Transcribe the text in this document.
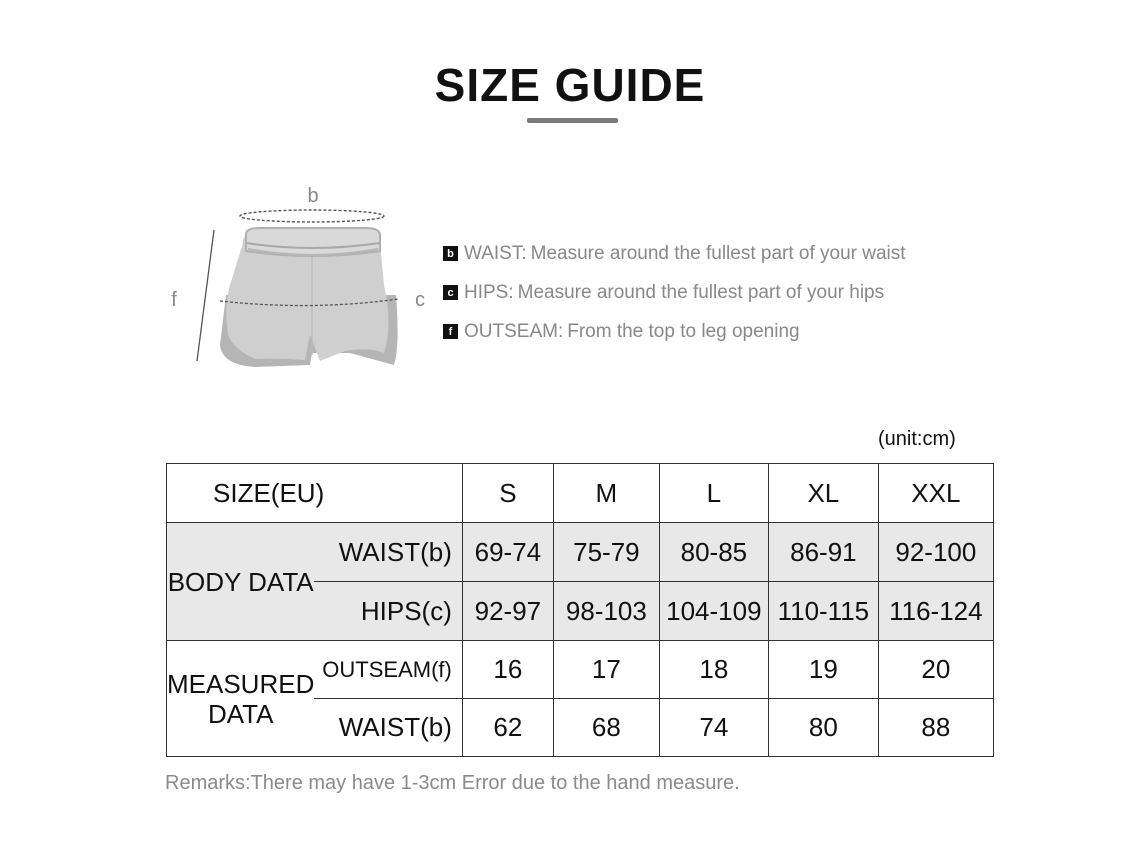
SIZE GUIDE
b
c
f
b WAIST: Measure around the fullest part of your waist
c HIPS: Measure around the fullest part of your hips
f OUTSEAM: From the top to leg opening
(unit:cm)
SIZE(EU)		S	M	L	XL	XXL
BODY DATA	WAIST(b)	69-74	75-79	80-85	86-91	92-100
	HIPS(c)	92-97	98-103	104-109	110-115	116-124
MEASURED DATA	OUTSEAM(f)	16	17	18	19	20
	WAIST(b)	62	68	74	80	88
Remarks:There may have 1-3cm Error due to the hand measure.
